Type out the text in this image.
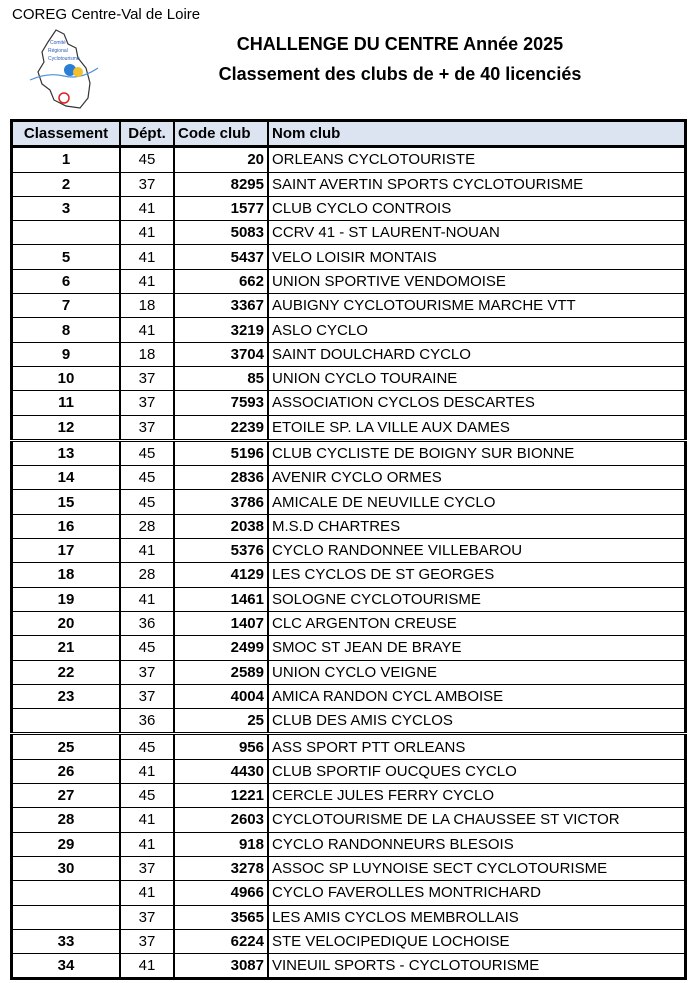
COREG Centre-Val de Loire
Comité
Régional
Cyclotourisme
CHALLENGE DU CENTRE Année 2025
Classement des clubs de + de 40 licenciés
Classement	Dépt.	Code club	Nom club
1	45	20	ORLEANS CYCLOTOURISTE
2	37	8295	SAINT AVERTIN SPORTS CYCLOTOURISME
3	41	1577	CLUB CYCLO CONTROIS
	41	5083	CCRV 41 - ST LAURENT-NOUAN
5	41	5437	VELO LOISIR MONTAIS
6	41	662	UNION SPORTIVE VENDOMOISE
7	18	3367	AUBIGNY CYCLOTOURISME MARCHE VTT
8	41	3219	ASLO CYCLO
9	18	3704	SAINT DOULCHARD CYCLO
10	37	85	UNION CYCLO TOURAINE
11	37	7593	ASSOCIATION CYCLOS DESCARTES
12	37	2239	ETOILE SP. LA VILLE AUX DAMES
13	45	5196	CLUB CYCLISTE DE BOIGNY SUR BIONNE
14	45	2836	AVENIR CYCLO ORMES
15	45	3786	AMICALE DE NEUVILLE CYCLO
16	28	2038	M.S.D CHARTRES
17	41	5376	CYCLO RANDONNEE VILLEBAROU
18	28	4129	LES CYCLOS DE ST GEORGES
19	41	1461	SOLOGNE CYCLOTOURISME
20	36	1407	CLC ARGENTON CREUSE
21	45	2499	SMOC ST JEAN DE BRAYE
22	37	2589	UNION CYCLO VEIGNE
23	37	4004	AMICA RANDON CYCL AMBOISE
	36	25	CLUB DES AMIS CYCLOS
25	45	956	ASS SPORT PTT ORLEANS
26	41	4430	CLUB SPORTIF OUCQUES CYCLO
27	45	1221	CERCLE JULES FERRY CYCLO
28	41	2603	CYCLOTOURISME DE LA CHAUSSEE ST VICTOR
29	41	918	CYCLO RANDONNEURS BLESOIS
30	37	3278	ASSOC SP LUYNOISE SECT CYCLOTOURISME
	41	4966	CYCLO FAVEROLLES MONTRICHARD
	37	3565	LES AMIS CYCLOS MEMBROLLAIS
33	37	6224	STE VELOCIPEDIQUE LOCHOISE
34	41	3087	VINEUIL SPORTS - CYCLOTOURISME
